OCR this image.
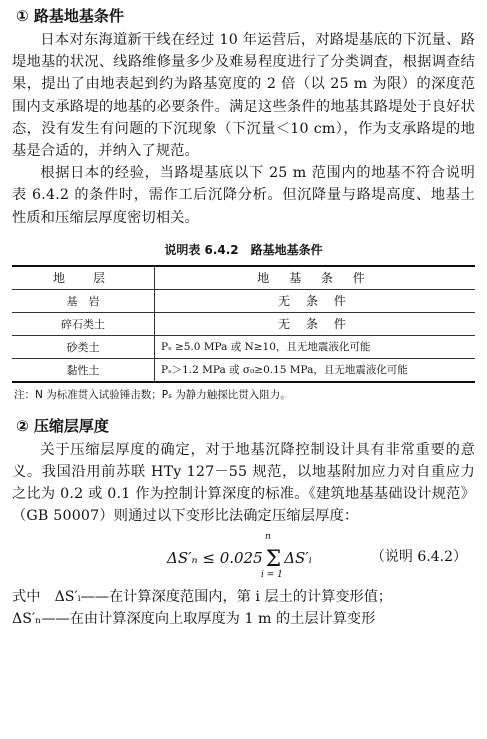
① 路基地基条件

日本对东海道新干线在经过 10 年运营后，对路堤基底的下沉量、路堤地基的状况、线路维修量多少及难易程度进行了分类调査，根据调查结果，提出了由地表起到约为路基宽度的 2 倍（以 25 m 为限）的深度范围内支承路堤的地基的必要条件。满足这些条件的地基其路堤处于良好状态，没有发生有问题的下沉现象（下沉量＜10 cm），作为支承路堤的地基是合适的，并纳入了规范。

根据日本的经验，当路堤基底以下 25 m 范围内的地基不符合说明表 6.4.2 的条件时，需作工后沉降分析。但沉降量与路堤高度、地基土性质和压缩层厚度密切相关。

说明表 6.4.2　路基地基条件
地　层	地 基 条 件
基　岩	无 条 件
碎石类土	无 条 件
砂类土	Pₛ ≥5.0 MPa 或 N≥10，且无地震液化可能
黏性土	Pₛ＞1.2 MPa 或 σ₀≥0.15 MPa，且无地震液化可能
注：N 为标准贯入试验锤击数；Pₛ 为静力触探比贯入阻力。
② 压缩层厚度

关于压缩层厚度的确定，对于地基沉降控制设计具有非常重要的意义。我国沿用前苏联 HTy 127－55 规范，以地基附加应力对自重应力之比为 0.2 或 0.1 作为控制计算深度的标准。《建筑地基基础设计规范》（GB 50007）则通过以下变形比法确定压缩层厚度：

n
ΔS′ₙ ≤ 0.025 Σ ΔS′ᵢ
i = 1
（说明 6.4.2）

式中　ΔS′ᵢ——在计算深度范围内，第 i 层土的计算变形值；

ΔS′ₙ——在由计算深度向上取厚度为 1 m 的土层计算变形
